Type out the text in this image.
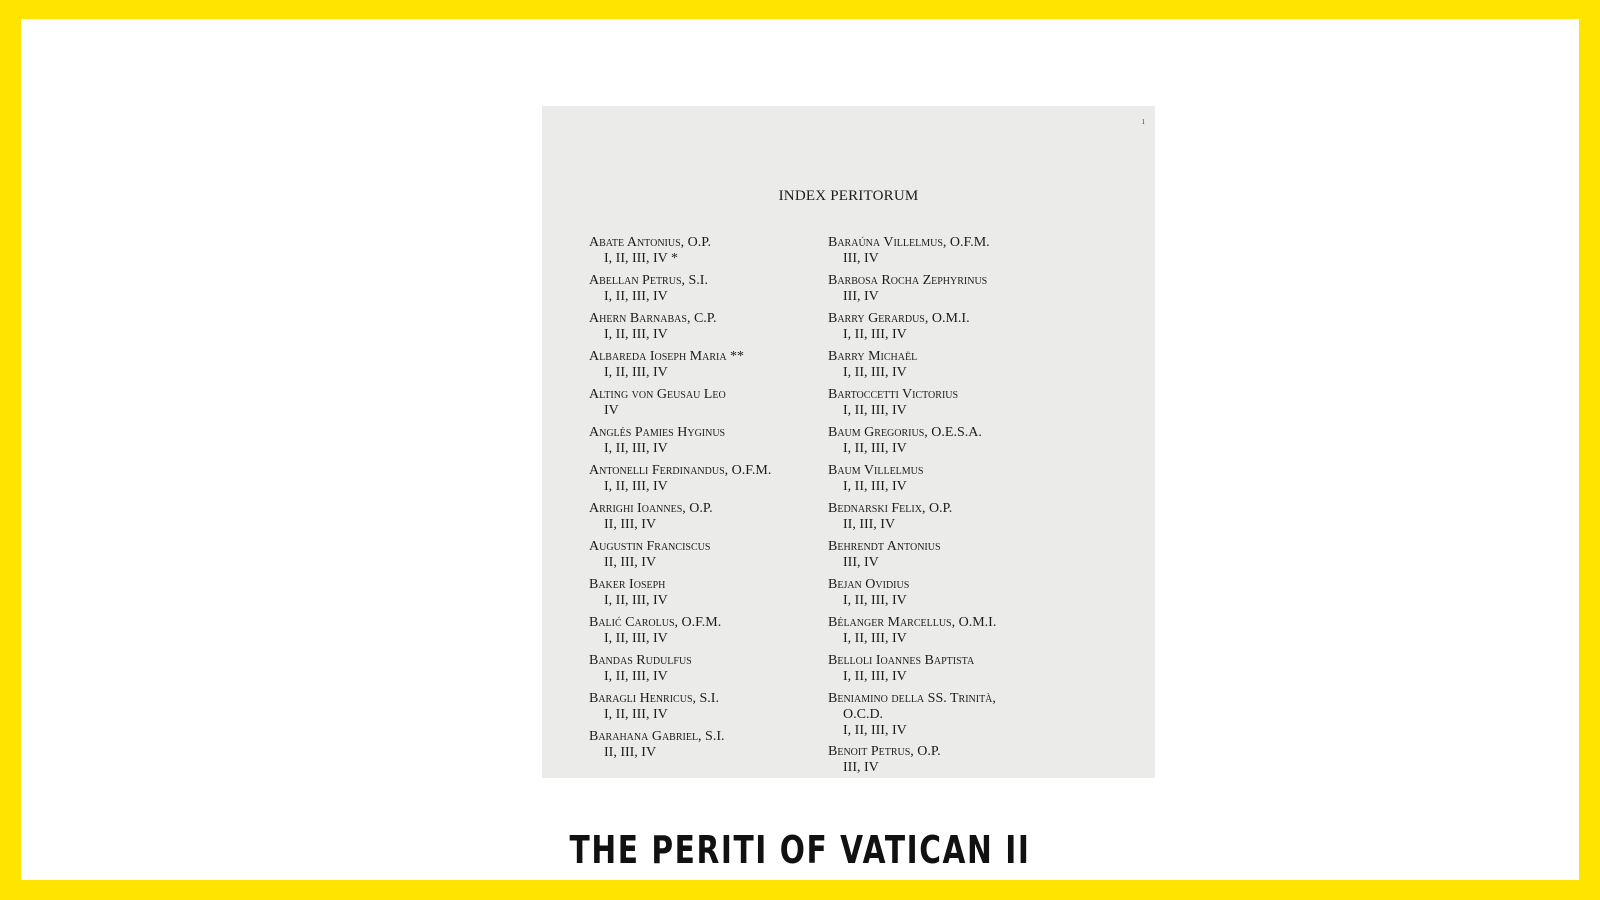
1
INDEX PERITORUM
Abate Antonius, O.P.
I, II, III, IV *
Abellan Petrus, S.I.
I, II, III, IV
Ahern Barnabas, C.P.
I, II, III, IV
Albareda Ioseph Maria **
I, II, III, IV
Alting von Geusau Leo
IV
Anglés Pamies Hyginus
I, II, III, IV
Antonelli Ferdinandus, O.F.M.
I, II, III, IV
Arrighi Ioannes, O.P.
II, III, IV
Augustin Franciscus
II, III, IV
Baker Ioseph
I, II, III, IV
Balić Carolus, O.F.M.
I, II, III, IV
Bandas Rudulfus
I, II, III, IV
Baragli Henricus, S.I.
I, II, III, IV
Barahana Gabriel, S.I.
II, III, IV
Baraúna Villelmus, O.F.M.
III, IV
Barbosa Rocha Zephyrinus
III, IV
Barry Gerardus, O.M.I.
I, II, III, IV
Barry Michaël
I, II, III, IV
Bartoccetti Victorius
I, II, III, IV
Baum Gregorius, O.E.S.A.
I, II, III, IV
Baum Villelmus
I, II, III, IV
Bednarski Felix, O.P.
II, III, IV
Behrendt Antonius
III, IV
Bejan Ovidius
I, II, III, IV
Bélanger Marcellus, O.M.I.
I, II, III, IV
Belloli Ioannes Baptista
I, II, III, IV
Beniamino della SS. Trinità,
O.C.D.
I, II, III, IV
Benoit Petrus, O.P.
III, IV
THE PERITI OF VATICAN II
